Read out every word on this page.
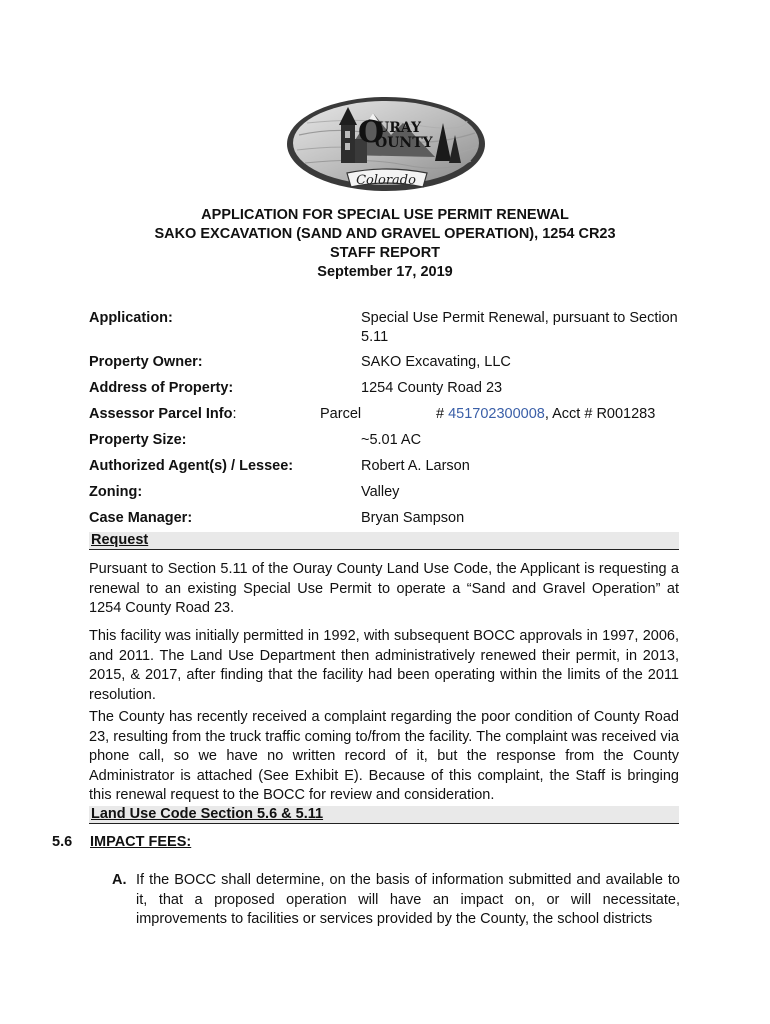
Colorado
O
URAY
OUNTY
APPLICATION FOR SPECIAL USE PERMIT RENEWAL
SAKO EXCAVATION (SAND AND GRAVEL OPERATION), 1254 CR23
STAFF REPORT
September 17, 2019
Application:	Special Use Permit Renewal, pursuant to Section 5.11
Property Owner:	SAKO Excavating, LLC
Address of Property:	1254 County Road 23
Assessor Parcel Info:	Parcel	# 451702300008, Acct # R001283
Property Size:	~5.01 AC
Authorized Agent(s) / Lessee:	Robert A. Larson
Zoning:	Valley
Case Manager:	Bryan Sampson
Request
Pursuant to Section 5.11 of the Ouray County Land Use Code, the Applicant is requesting a renewal to an existing Special Use Permit to operate a “Sand and Gravel Operation” at 1254 County Road 23.
This facility was initially permitted in 1992, with subsequent BOCC approvals in 1997, 2006, and 2011. The Land Use Department then administratively renewed their permit, in 2013, 2015, & 2017, after finding that the facility had been operating within the limits of the 2011 resolution.
The County has recently received a complaint regarding the poor condition of County Road 23, resulting from the truck traffic coming to/from the facility. The complaint was received via phone call, so we have no written record of it, but the response from the County Administrator is attached (See Exhibit E). Because of this complaint, the Staff is bringing this renewal request to the BOCC for review and consideration.
Land Use Code Section 5.6 & 5.11
5.6 IMPACT FEES:
A. If the BOCC shall determine, on the basis of information submitted and available to it, that a proposed operation will have an impact on, or will necessitate, improvements to facilities or services provided by the County, the school districts
